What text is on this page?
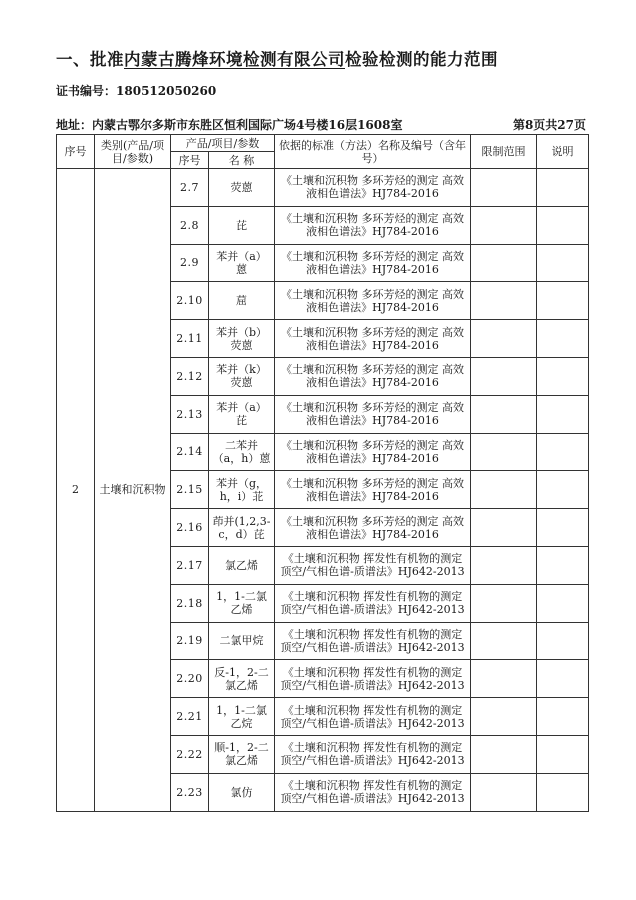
一、批准内蒙古腾烽环境检测有限公司检验检测的能力范围
证书编号：180512050260
地址：内蒙古鄂尔多斯市东胜区恒利国际广场4号楼16层1608室	第8页共27页
序号	类别(产品/项目/参数)	产品/项目/参数		依据的标准（方法）名称及编号（含年号）	限制范围	说明
		序号	名 称			
2	土壤和沉积物	2.7	荧蒽	《土壤和沉积物 多环芳烃的测定 高效液相色谱法》HJ784-2016		
		2.8	芘	《土壤和沉积物 多环芳烃的测定 高效液相色谱法》HJ784-2016		
		2.9	苯并（a）蒽	《土壤和沉积物 多环芳烃的测定 高效液相色谱法》HJ784-2016		
		2.10	䓛	《土壤和沉积物 多环芳烃的测定 高效液相色谱法》HJ784-2016		
		2.11	苯并（b）荧蒽	《土壤和沉积物 多环芳烃的测定 高效液相色谱法》HJ784-2016		
		2.12	苯并（k）荧蒽	《土壤和沉积物 多环芳烃的测定 高效液相色谱法》HJ784-2016		
		2.13	苯并（a）芘	《土壤和沉积物 多环芳烃的测定 高效液相色谱法》HJ784-2016		
		2.14	二苯并（a，h）蒽	《土壤和沉积物 多环芳烃的测定 高效液相色谱法》HJ784-2016		
		2.15	苯并（g，h，i）苝	《土壤和沉积物 多环芳烃的测定 高效液相色谱法》HJ784-2016		
		2.16	茚并(1,2,3-c，d）芘	《土壤和沉积物 多环芳烃的测定 高效液相色谱法》HJ784-2016		
		2.17	氯乙烯	《土壤和沉积物 挥发性有机物的测定 顶空/气相色谱-质谱法》HJ642-2013		
		2.18	1，1-二氯乙烯	《土壤和沉积物 挥发性有机物的测定 顶空/气相色谱-质谱法》HJ642-2013		
		2.19	二氯甲烷	《土壤和沉积物 挥发性有机物的测定 顶空/气相色谱-质谱法》HJ642-2013		
		2.20	反-1，2-二氯乙烯	《土壤和沉积物 挥发性有机物的测定 顶空/气相色谱-质谱法》HJ642-2013		
		2.21	1，1-二氯乙烷	《土壤和沉积物 挥发性有机物的测定 顶空/气相色谱-质谱法》HJ642-2013		
		2.22	顺-1，2-二氯乙烯	《土壤和沉积物 挥发性有机物的测定 顶空/气相色谱-质谱法》HJ642-2013		
		2.23	氯仿	《土壤和沉积物 挥发性有机物的测定 顶空/气相色谱-质谱法》HJ642-2013		
